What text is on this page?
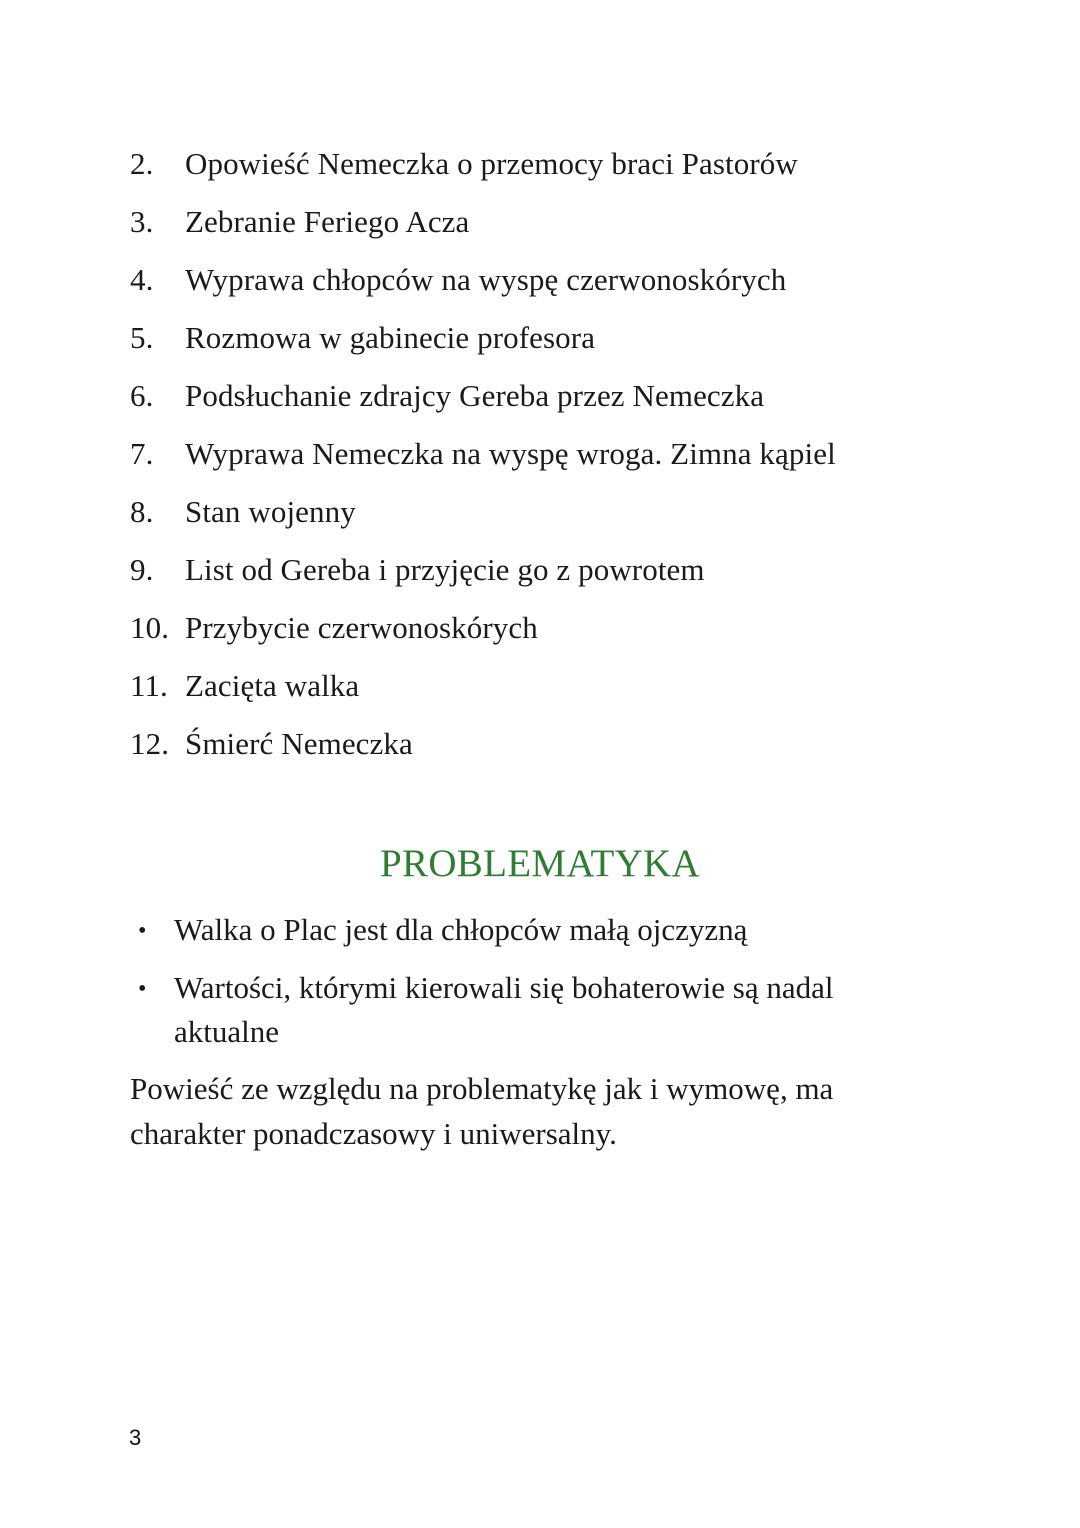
2.	Opowieść Nemeczka o przemocy braci Pastorów
3.	Zebranie Feriego Acza
4.	Wyprawa chłopców na wyspę czerwonoskórych
5.	Rozmowa w gabinecie profesora
6.	Podsłuchanie zdrajcy Gereba przez Nemeczka
7.	Wyprawa Nemeczka na wyspę wroga. Zimna kąpiel
8.	Stan wojenny
9.	List od Gereba i przyjęcie go z powrotem
10. Przybycie czerwonoskórych
11. Zacięta walka
12. Śmierć Nemeczka
PROBLEMATYKA
• Walka o Plac jest dla chłopców małą ojczyzną
• Wartości, którymi kierowali się bohaterowie są nadal aktualne

Powieść ze względu na problematykę jak i wymowę, ma charakter ponadczasowy i uniwersalny.

3
